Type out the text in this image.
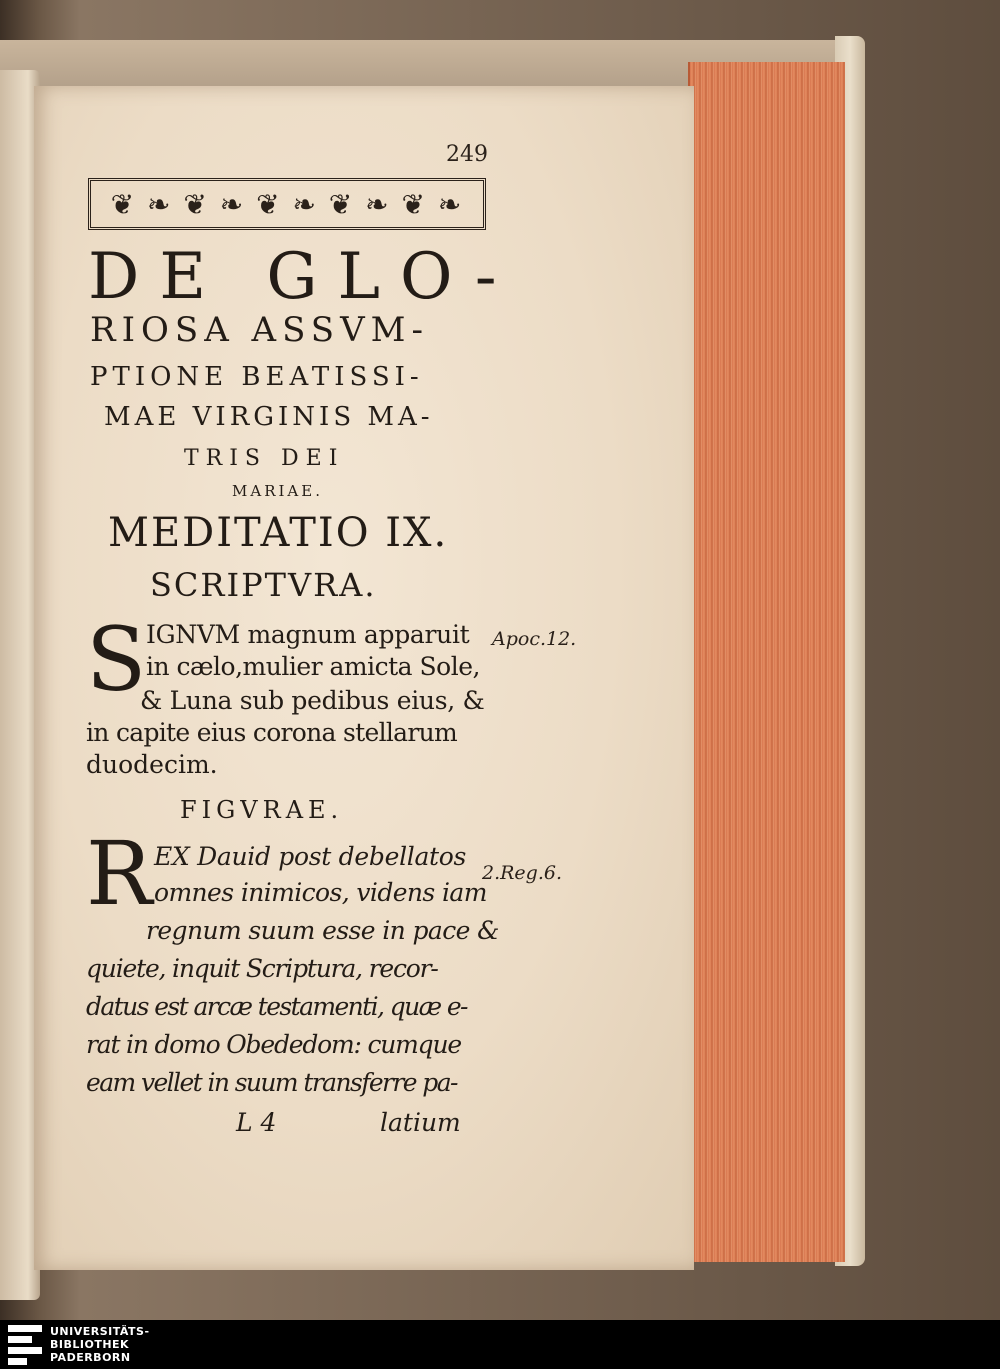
249
❦ ❧ ❦ ❧ ❦ ❧ ❦ ❧ ❦ ❧
DE GLO-
RIOSA ASSVM-
PTIONE BEATISSI-
MAE VIRGINIS MA-
TRIS DEI
MARIAE.
MEDITATIO IX.
SCRIPTVRA.
S IGNVM magnum apparuit
in cælo,mulier amicta Sole,
& Luna sub pedibus eius, &
in capite eius corona stellarum
duodecim.
Apoc.12.
FIGVRAE.
R EX Dauid post debellatos
omnes inimicos, videns iam
regnum suum esse in pace &
quiete, inquit Scriptura, recor-
datus est arcæ testamenti, quæ e-
rat in domo Obededom: cumque
eam vellet in suum transferre pa-
2.Reg.6.
L 4	latium
UNIVERSITÄTS-
BIBLIOTHEK
PADERBORN
